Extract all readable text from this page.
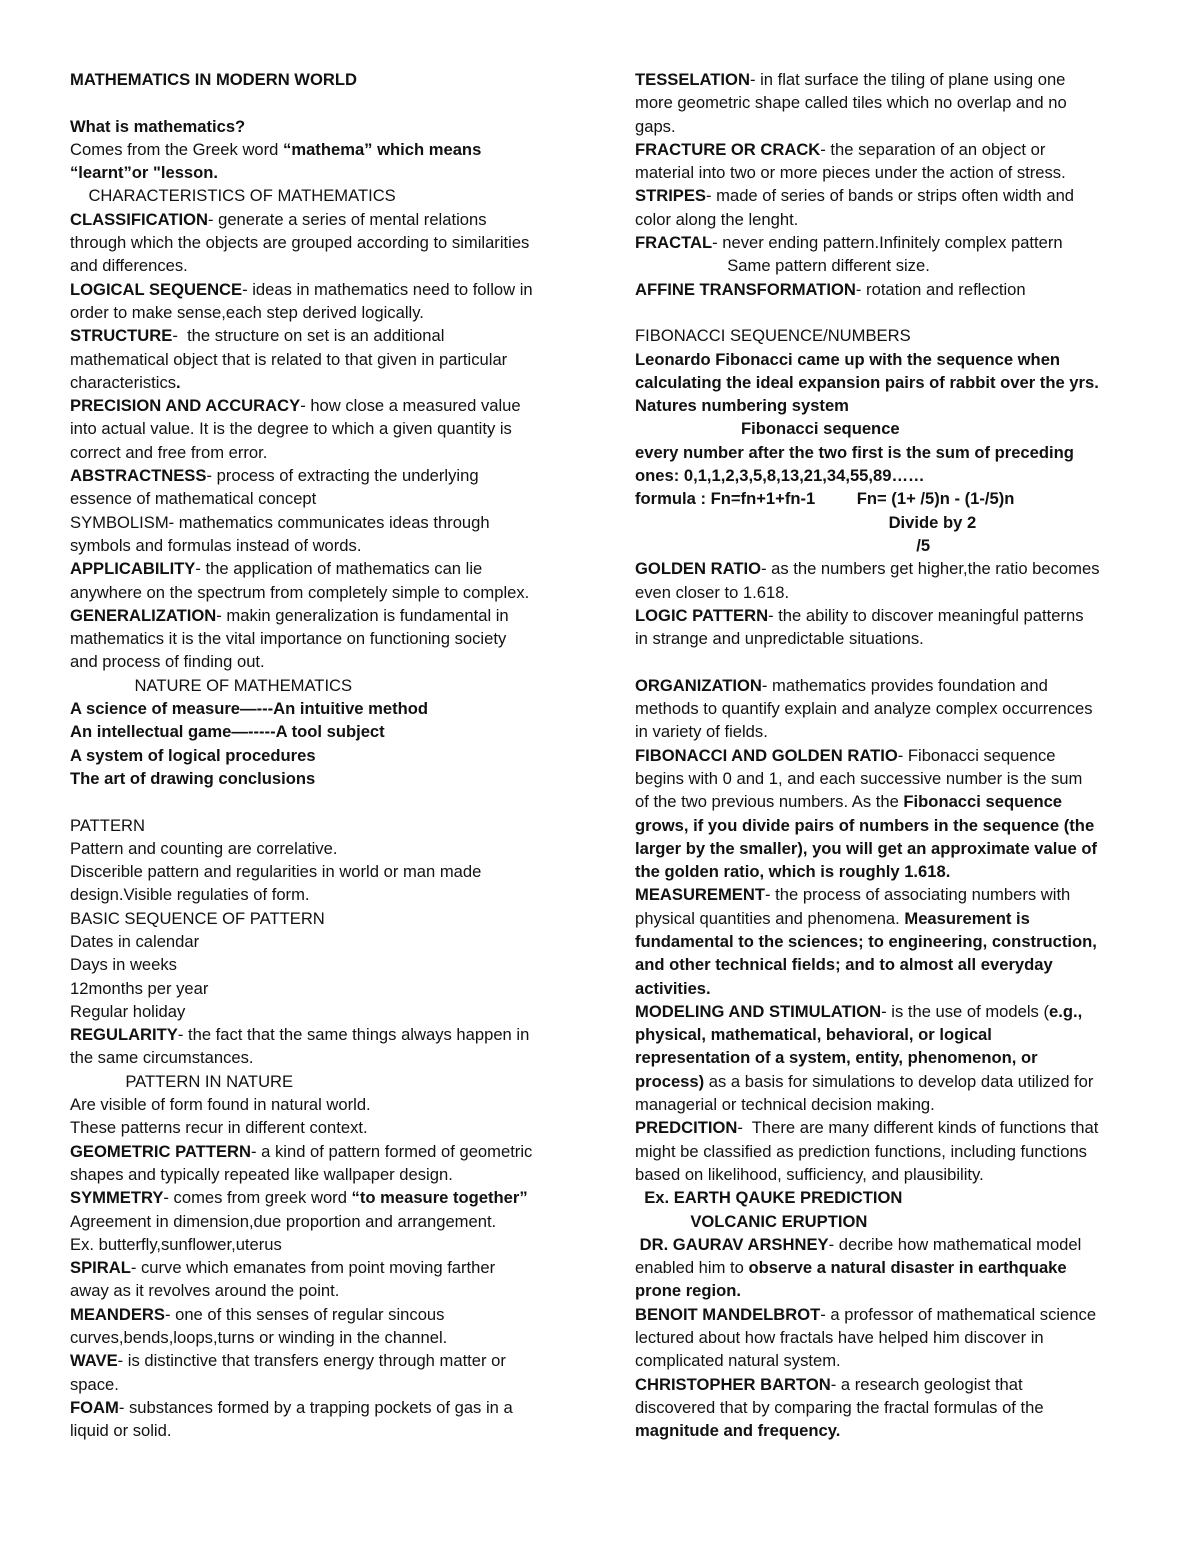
MATHEMATICS IN MODERN WORLD

What is mathematics?
Comes from the Greek word “mathema” which means
“learnt”or "lesson.
CHARACTERISTICS OF MATHEMATICS
CLASSIFICATION- generate a series of mental relations
through which the objects are grouped according to similarities
and differences.
LOGICAL SEQUENCE- ideas in mathematics need to follow in
order to make sense,each step derived logically.
STRUCTURE-  the structure on set is an additional
mathematical object that is related to that given in particular
characteristics.
PRECISION AND ACCURACY- how close a measured value
into actual value. It is the degree to which a given quantity is
correct and free from error.
ABSTRACTNESS- process of extracting the underlying
essence of mathematical concept
SYMBOLISM- mathematics communicates ideas through
symbols and formulas instead of words.
APPLICABILITY- the application of mathematics can lie
anywhere on the spectrum from completely simple to complex.
GENERALIZATION- makin generalization is fundamental in
mathematics it is the vital importance on functioning society
and process of finding out.
NATURE OF MATHEMATICS
A science of measure—---An intuitive method
An intellectual game—-----A tool subject
A system of logical procedures
The art of drawing conclusions

PATTERN
Pattern and counting are correlative.
Discerible pattern and regularities in world or man made
design.Visible regulaties of form.
BASIC SEQUENCE OF PATTERN
Dates in calendar
Days in weeks
12months per year
Regular holiday
REGULARITY- the fact that the same things always happen in
the same circumstances.
PATTERN IN NATURE
Are visible of form found in natural world.
These patterns recur in different context.
GEOMETRIC PATTERN- a kind of pattern formed of geometric
shapes and typically repeated like wallpaper design.
SYMMETRY- comes from greek word “to measure together”
Agreement in dimension,due proportion and arrangement.
Ex. butterfly,sunflower,uterus
SPIRAL- curve which emanates from point moving farther
away as it revolves around the point.
MEANDERS- one of this senses of regular sincous
curves,bends,loops,turns or winding in the channel.
WAVE- is distinctive that transfers energy through matter or
space.
FOAM- substances formed by a trapping pockets of gas in a
liquid or solid.
TESSELATION- in flat surface the tiling of plane using one
more geometric shape called tiles which no overlap and no
gaps.
FRACTURE OR CRACK- the separation of an object or
material into two or more pieces under the action of stress.
STRIPES- made of series of bands or strips often width and
color along the lenght.
FRACTAL- never ending pattern.Infinitely complex pattern
Same pattern different size.
AFFINE TRANSFORMATION- rotation and reflection

FIBONACCI SEQUENCE/NUMBERS
Leonardo Fibonacci came up with the sequence when
calculating the ideal expansion pairs of rabbit over the yrs.
Natures numbering system
Fibonacci sequence
every number after the two first is the sum of preceding
ones: 0,1,1,2,3,5,8,13,21,34,55,89……
formula : Fn=fn+1+fn-1         Fn= (1+ /5)n - (1-/5)n
Divide by 2
/5
GOLDEN RATIO- as the numbers get higher,the ratio becomes
even closer to 1.618.
LOGIC PATTERN- the ability to discover meaningful patterns
in strange and unpredictable situations.

ORGANIZATION- mathematics provides foundation and
methods to quantify explain and analyze complex occurrences
in variety of fields.
FIBONACCI AND GOLDEN RATIO- Fibonacci sequence
begins with 0 and 1, and each successive number is the sum
of the two previous numbers. As the Fibonacci sequence
grows, if you divide pairs of numbers in the sequence (the
larger by the smaller), you will get an approximate value of
the golden ratio, which is roughly 1.618.
MEASUREMENT- the process of associating numbers with
physical quantities and phenomena. Measurement is
fundamental to the sciences; to engineering, construction,
and other technical fields; and to almost all everyday
activities.
MODELING AND STIMULATION- is the use of models (e.g.,
physical, mathematical, behavioral, or logical
representation of a system, entity, phenomenon, or
process) as a basis for simulations to develop data utilized for
managerial or technical decision making.
PREDCITION-  There are many different kinds of functions that
might be classified as prediction functions, including functions
based on likelihood, sufficiency, and plausibility.
Ex. EARTH QAUKE PREDICTION
VOLCANIC ERUPTION
DR. GAURAV ARSHNEY- decribe how mathematical model
enabled him to observe a natural disaster in earthquake
prone region.
BENOIT MANDELBROT- a professor of mathematical science
lectured about how fractals have helped him discover in
complicated natural system.
CHRISTOPHER BARTON- a research geologist that
discovered that by comparing the fractal formulas of the
magnitude and frequency.
